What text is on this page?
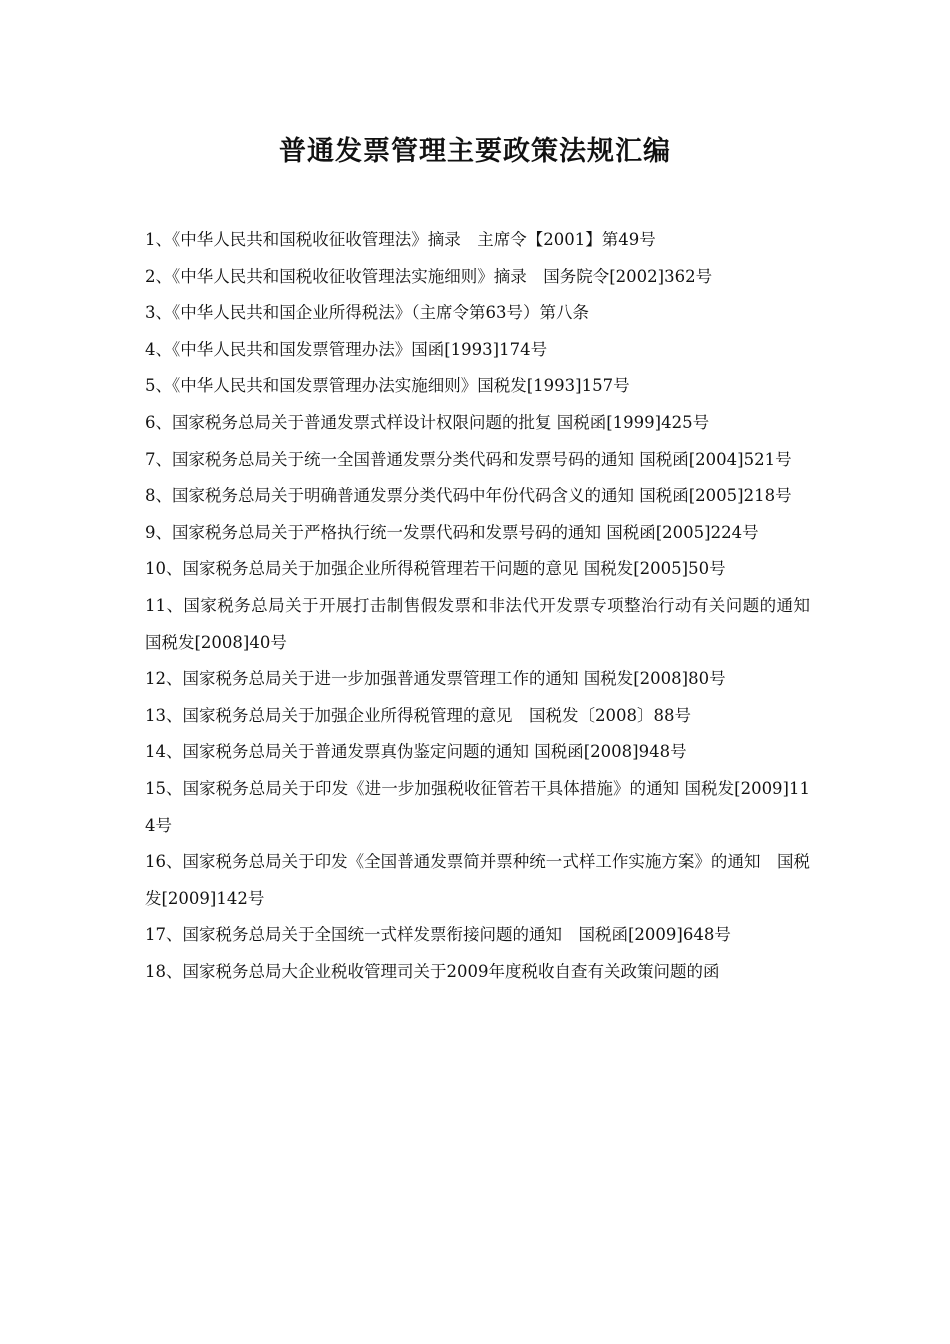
普通发票管理主要政策法规汇编
1、《中华人民共和国税收征收管理法》摘录　主席令【2001】第49号
2、《中华人民共和国税收征收管理法实施细则》摘录　国务院令[2002]362号
3、《中华人民共和国企业所得税法》（主席令第63号）第八条
4、《中华人民共和国发票管理办法》国函[1993]174号
5、《中华人民共和国发票管理办法实施细则》国税发[1993]157号
6、国家税务总局关于普通发票式样设计权限问题的批复 国税函[1999]425号
7、国家税务总局关于统一全国普通发票分类代码和发票号码的通知 国税函[2004]521号
8、国家税务总局关于明确普通发票分类代码中年份代码含义的通知 国税函[2005]218号
9、国家税务总局关于严格执行统一发票代码和发票号码的通知 国税函[2005]224号
10、国家税务总局关于加强企业所得税管理若干问题的意见 国税发[2005]50号
11、国家税务总局关于开展打击制售假发票和非法代开发票专项整治行动有关问题的通知 国税发[2008]40号
12、国家税务总局关于进一步加强普通发票管理工作的通知 国税发[2008]80号
13、国家税务总局关于加强企业所得税管理的意见　国税发〔2008〕88号
14、国家税务总局关于普通发票真伪鉴定问题的通知 国税函[2008]948号
15、国家税务总局关于印发《进一步加强税收征管若干具体措施》的通知 国税发[2009]114号
16、国家税务总局关于印发《全国普通发票简并票种统一式样工作实施方案》的通知　国税发[2009]142号
17、国家税务总局关于全国统一式样发票衔接问题的通知　国税函[2009]648号
18、国家税务总局大企业税收管理司关于2009年度税收自查有关政策问题的函
